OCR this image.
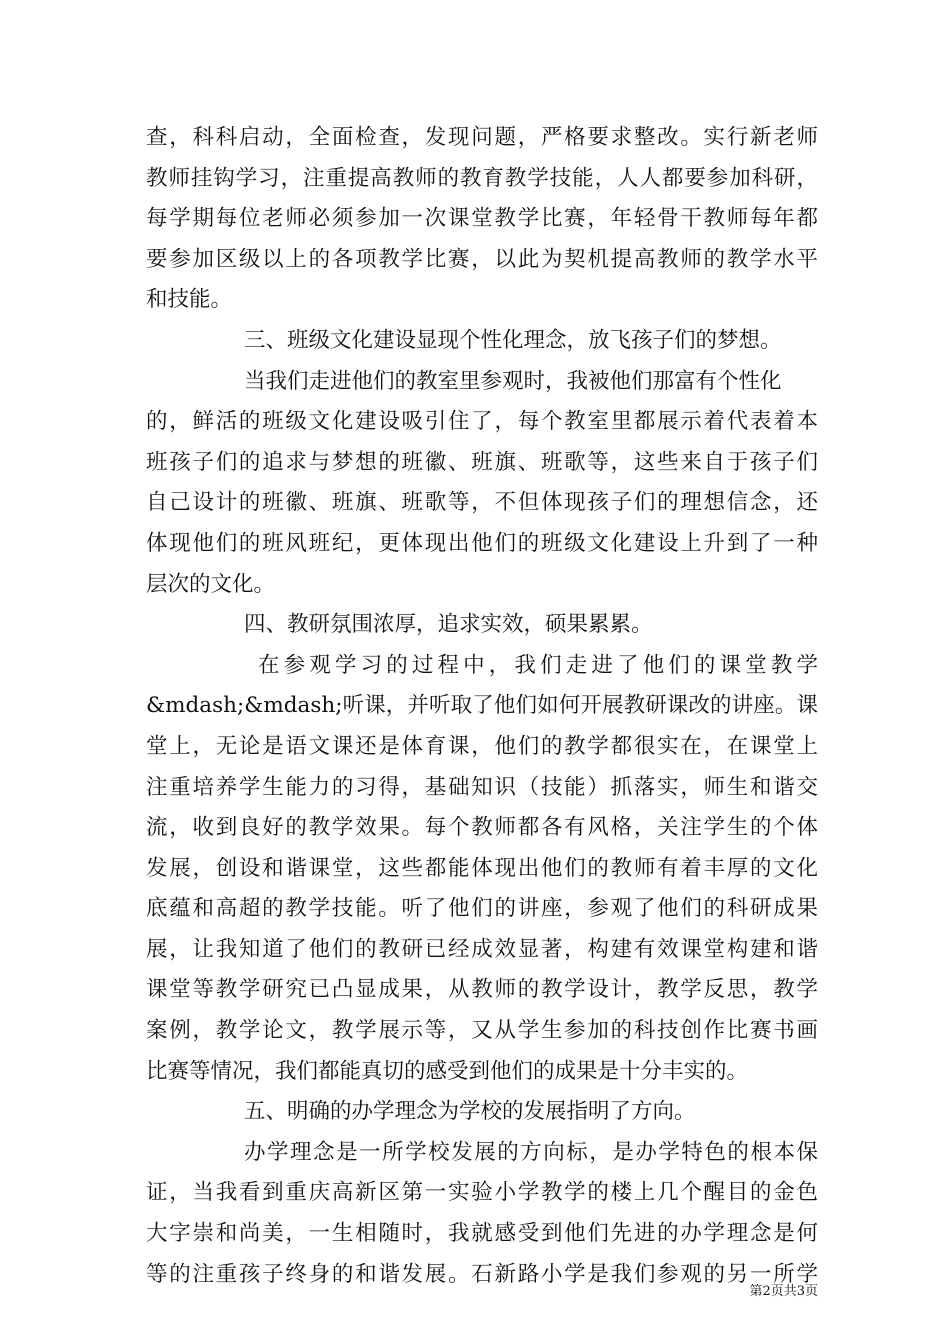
查，科科启动，全面检查，发现问题，严格要求整改。实行新老师
教师挂钩学习，注重提高教师的教育教学技能，人人都要参加科研，
每学期每位老师必须参加一次课堂教学比赛，年轻骨干教师每年都
要参加区级以上的各项教学比赛，以此为契机提高教师的教学水平
和技能。
三、班级文化建设显现个性化理念，放飞孩子们的梦想。
当我们走进他们的教室里参观时，我被他们那富有个性化
的，鲜活的班级文化建设吸引住了，每个教室里都展示着代表着本
班孩子们的追求与梦想的班徽、班旗、班歌等，这些来自于孩子们
自己设计的班徽、班旗、班歌等，不但体现孩子们的理想信念，还
体现他们的班风班纪，更体现出他们的班级文化建设上升到了一种
层次的文化。
四、教研氛围浓厚，追求实效，硕果累累。
在参观学习的过程中，我们走进了他们的课堂教学
&mdash;&mdash;听课，并听取了他们如何开展教研课改的讲座。课
堂上，无论是语文课还是体育课，他们的教学都很实在，在课堂上
注重培养学生能力的习得，基础知识（技能）抓落实，师生和谐交
流，收到良好的教学效果。每个教师都各有风格，关注学生的个体
发展，创设和谐课堂，这些都能体现出他们的教师有着丰厚的文化
底蕴和高超的教学技能。听了他们的讲座，参观了他们的科研成果
展，让我知道了他们的教研已经成效显著，构建有效课堂构建和谐
课堂等教学研究已凸显成果，从教师的教学设计，教学反思，教学
案例，教学论文，教学展示等，又从学生参加的科技创作比赛书画
比赛等情况，我们都能真切的感受到他们的成果是十分丰实的。
五、明确的办学理念为学校的发展指明了方向。
办学理念是一所学校发展的方向标，是办学特色的根本保
证，当我看到重庆高新区第一实验小学教学的楼上几个醒目的金色
大字崇和尚美，一生相随时，我就感受到他们先进的办学理念是何
等的注重孩子终身的和谐发展。石新路小学是我们参观的另一所学
第2页共3页
